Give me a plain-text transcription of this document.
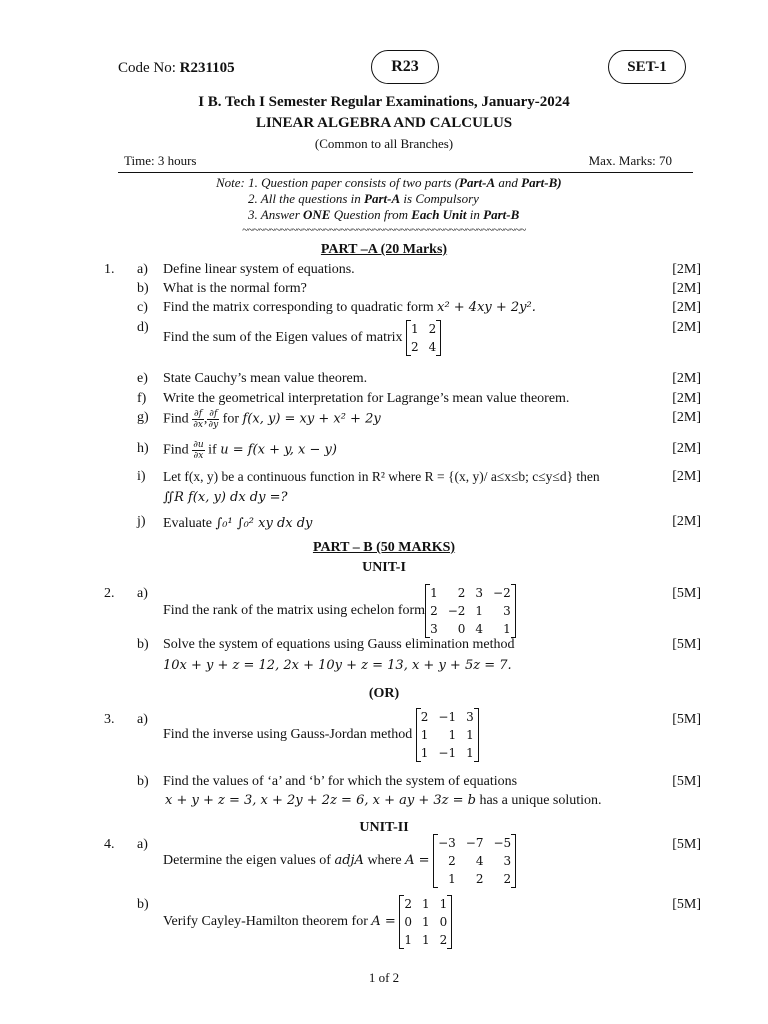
Code No: R231105	R23	SET-1
I B. Tech I Semester Regular Examinations, January-2024
LINEAR ALGEBRA AND CALCULUS
(Common to all Branches)
Time: 3 hours	Max. Marks: 70
Note: 1. Question paper consists of two parts (Part-A and Part-B)
2. All the questions in Part-A is Compulsory
3. Answer ONE Question from Each Unit in Part-B
~~~~~~~~~~~~~~~~~~~~~~~~~~~~~~~~~~~~~~~~~~~~~~~~~~~~
PART –A (20 Marks)
1. a) Define linear system of equations.	[2M]
b) What is the normal form?	[2M]
c) Find the matrix corresponding to quadratic form x² + 4xy + 2y².	[2M]
d)
Find the sum of the Eigen values of matrix
1 2
2 4
[2M]
e) State Cauchy’s mean value theorem.	[2M]
f) Write the geometrical interpretation for Lagrange’s mean value theorem.	[2M]
g) Find $\frac{\partial f}{\partial x}$ , $\frac{\partial f}{\partial y}$ for f(x, y) = xy + x² + 2y	[2M]
h) Find $\frac{\partial u}{\partial x}$ if u = f(x + y, x − y)	[2M]
i) Let f(x, y) be a continuous function in R² where R = {(x, y)/ a≤x≤b; c≤y≤d} then
∬R f(x, y) dx dy =?
[2M]
j) Evaluate ∫₀¹ ∫₀² xy dx dy	[2M]
PART – B (50 MARKS)
UNIT-I
2. a)
Find the rank of the matrix using echelon form
1	2 3 −2
2 −2 1	3
3	0 4	1
[5M]
b) Solve the system of equations using Gauss elimination method
10x + y + z = 12, 2x + 10y + z = 13, x + y + 5z = 7.
[5M]
(OR)
3. a)
Find the inverse using Gauss-Jordan method
2 −1 3
1	1 1
1 −1 1
[5M]
b) Find the values of ‘a’ and ‘b’ for which the system of equations
x + y + z = 3, x + 2y + 2z = 6, x + ay + 3z = b has a unique solution.
[5M]
UNIT-II
4. a)
Determine the eigen values of adjA where A =
−3 −7 −5
2	4	3
1	2	2
[5M]
b)
Verify Cayley-Hamilton theorem for A =
2 1 1
0 1 0
1 1 2
[5M]
1 of 2
